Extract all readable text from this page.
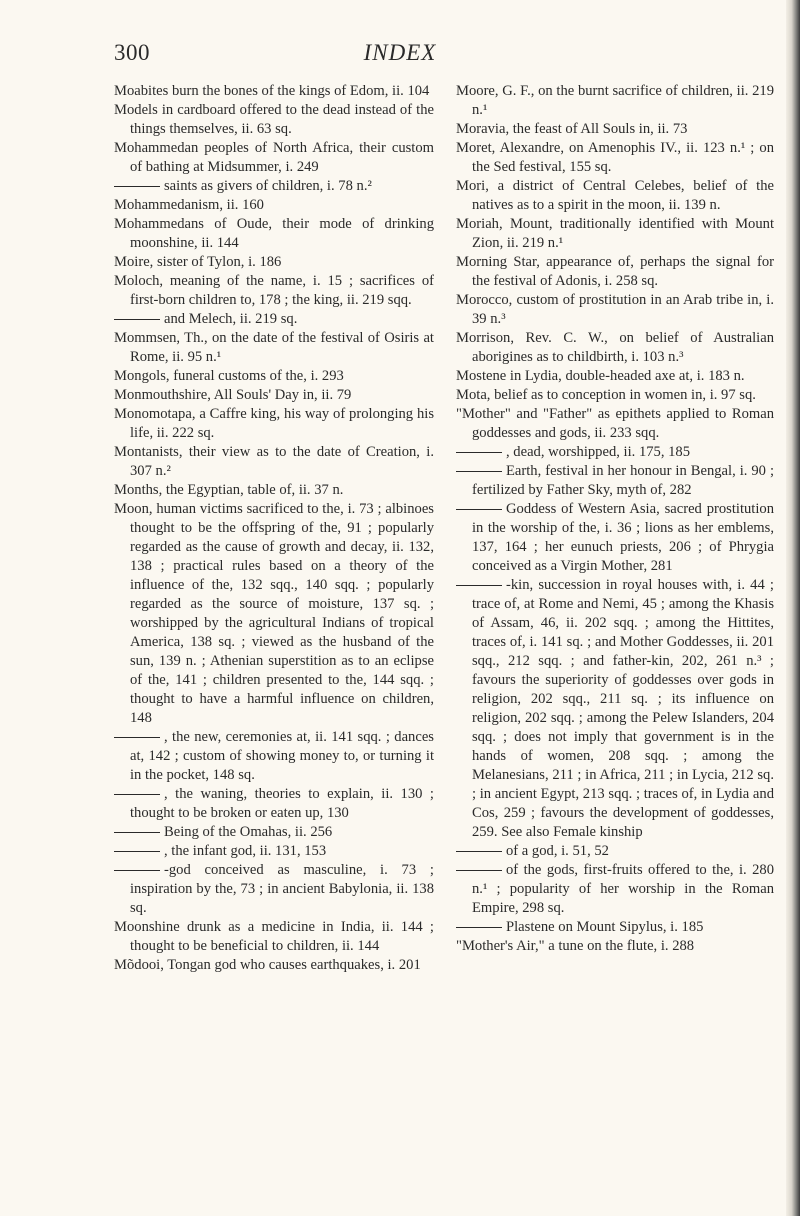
300	INDEX
Moabites burn the bones of the kings of Edom, ii. 104
Models in cardboard offered to the dead instead of the things themselves, ii. 63 sq.
Mohammedan peoples of North Africa, their custom of bathing at Midsummer, i. 249
saints as givers of children, i. 78 n.²
Mohammedanism, ii. 160
Mohammedans of Oude, their mode of drinking moonshine, ii. 144
Moire, sister of Tylon, i. 186
Moloch, meaning of the name, i. 15 ; sacrifices of first-born children to, 178 ; the king, ii. 219 sqq.
and Melech, ii. 219 sq.
Mommsen, Th., on the date of the festival of Osiris at Rome, ii. 95 n.¹
Mongols, funeral customs of the, i. 293
Monmouthshire, All Souls' Day in, ii. 79
Monomotapa, a Caffre king, his way of prolonging his life, ii. 222 sq.
Montanists, their view as to the date of Creation, i. 307 n.²
Months, the Egyptian, table of, ii. 37 n.
Moon, human victims sacrificed to the, i. 73 ; albinoes thought to be the offspring of the, 91 ; popularly regarded as the cause of growth and decay, ii. 132, 138 ; practical rules based on a theory of the influence of the, 132 sqq., 140 sqq. ; popularly regarded as the source of moisture, 137 sq. ; worshipped by the agricultural Indians of tropical America, 138 sq. ; viewed as the husband of the sun, 139 n. ; Athenian superstition as to an eclipse of the, 141 ; children presented to the, 144 sqq. ; thought to have a harmful influence on children, 148
, the new, ceremonies at, ii. 141 sqq. ; dances at, 142 ; custom of showing money to, or turning it in the pocket, 148 sq.
, the waning, theories to explain, ii. 130 ; thought to be broken or eaten up, 130
Being of the Omahas, ii. 256
, the infant god, ii. 131, 153
-god conceived as masculine, i. 73 ; inspiration by the, 73 ; in ancient Babylonia, ii. 138 sq.
Moonshine drunk as a medicine in India, ii. 144 ; thought to be beneficial to children, ii. 144
Mõdooi, Tongan god who causes earthquakes, i. 201
Moore, G. F., on the burnt sacrifice of children, ii. 219 n.¹
Moravia, the feast of All Souls in, ii. 73
Moret, Alexandre, on Amenophis IV., ii. 123 n.¹ ; on the Sed festival, 155 sq.
Mori, a district of Central Celebes, belief of the natives as to a spirit in the moon, ii. 139 n.
Moriah, Mount, traditionally identified with Mount Zion, ii. 219 n.¹
Morning Star, appearance of, perhaps the signal for the festival of Adonis, i. 258 sq.
Morocco, custom of prostitution in an Arab tribe in, i. 39 n.³
Morrison, Rev. C. W., on belief of Australian aborigines as to childbirth, i. 103 n.³
Mostene in Lydia, double-headed axe at, i. 183 n.
Mota, belief as to conception in women in, i. 97 sq.
"Mother" and "Father" as epithets applied to Roman goddesses and gods, ii. 233 sqq.
, dead, worshipped, ii. 175, 185
Earth, festival in her honour in Bengal, i. 90 ; fertilized by Father Sky, myth of, 282
Goddess of Western Asia, sacred prostitution in the worship of the, i. 36 ; lions as her emblems, 137, 164 ; her eunuch priests, 206 ; of Phrygia conceived as a Virgin Mother, 281
-kin, succession in royal houses with, i. 44 ; trace of, at Rome and Nemi, 45 ; among the Khasis of Assam, 46, ii. 202 sqq. ; among the Hittites, traces of, i. 141 sq. ; and Mother Goddesses, ii. 201 sqq., 212 sqq. ; and father-kin, 202, 261 n.³ ; favours the superiority of goddesses over gods in religion, 202 sqq., 211 sq. ; its influence on religion, 202 sqq. ; among the Pelew Islanders, 204 sqq. ; does not imply that government is in the hands of women, 208 sqq. ; among the Melanesians, 211 ; in Africa, 211 ; in Lycia, 212 sq. ; in ancient Egypt, 213 sqq. ; traces of, in Lydia and Cos, 259 ; favours the development of goddesses, 259. See also Female kinship
of a god, i. 51, 52
of the gods, first-fruits offered to the, i. 280 n.¹ ; popularity of her worship in the Roman Empire, 298 sq.
Plastene on Mount Sipylus, i. 185
"Mother's Air," a tune on the flute, i. 288
